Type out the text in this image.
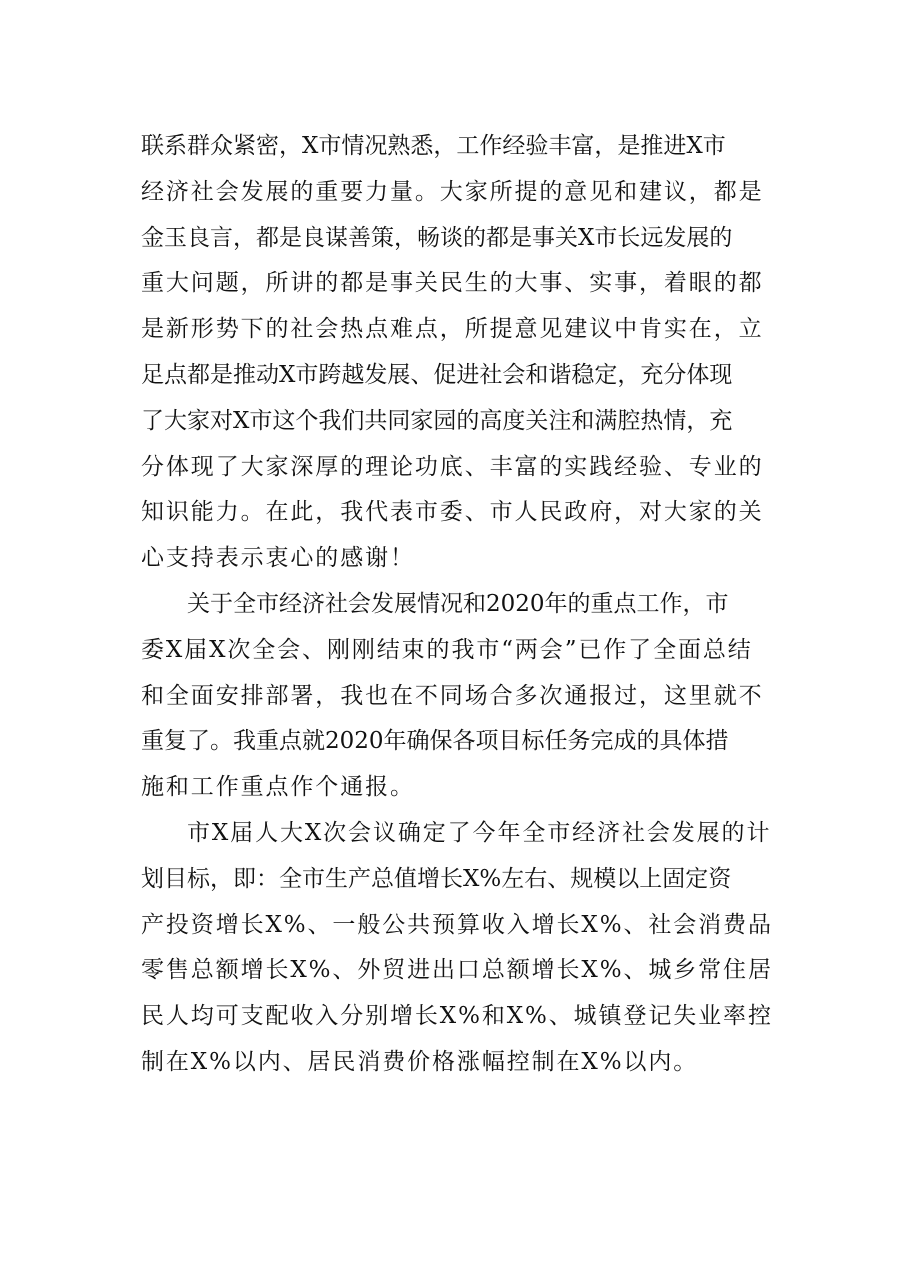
联系群众紧密，X市情况熟悉，工作经验丰富，是推进X市
经济社会发展的重要力量。大家所提的意见和建议，都是
金玉良言，都是良谋善策，畅谈的都是事关X市长远发展的
重大问题，所讲的都是事关民生的大事、实事，着眼的都
是新形势下的社会热点难点，所提意见建议中肯实在，立
足点都是推动X市跨越发展、促进社会和谐稳定，充分体现
了大家对X市这个我们共同家园的高度关注和满腔热情，充
分体现了大家深厚的理论功底、丰富的实践经验、专业的
知识能力。在此，我代表市委、市人民政府，对大家的关
心支持表示衷心的感谢！

关于全市经济社会发展情况和2020年的重点工作，市
委X届X次全会、刚刚结束的我市“两会”已作了全面总结
和全面安排部署，我也在不同场合多次通报过，这里就不
重复了。我重点就2020年确保各项目标任务完成的具体措
施和工作重点作个通报。

市X届人大X次会议确定了今年全市经济社会发展的计
划目标，即：全市生产总值增长X%左右、规模以上固定资
产投资增长X%、一般公共预算收入增长X%、社会消费品
零售总额增长X%、外贸进出口总额增长X%、城乡常住居
民人均可支配收入分别增长X%和X%、城镇登记失业率控
制在X%以内、居民消费价格涨幅控制在X%以内。
